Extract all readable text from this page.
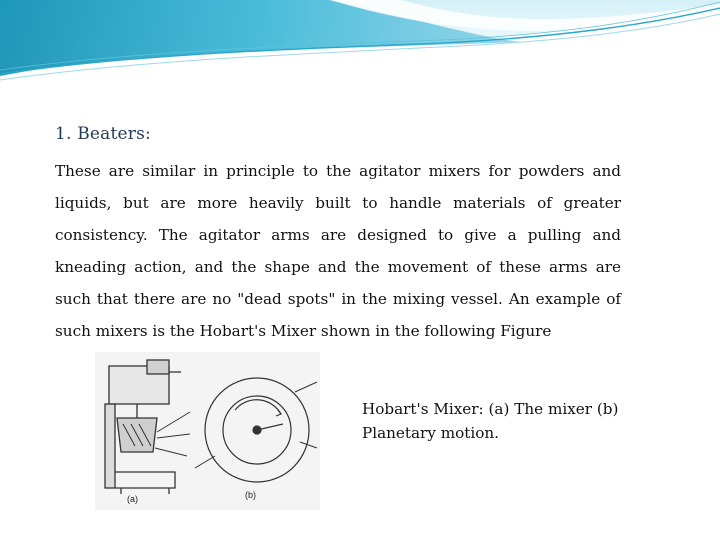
1. Beaters:

These are similar in principle to the agitator mixers for powders and liquids, but are more heavily built to handle materials of greater consistency. The agitator arms are designed to give a pulling and kneading action, and the shape and the movement of these arms are such that there are no "dead spots" in the mixing vessel. An example of such mixers is the Hobart's Mixer shown in the following Figure

(a)	(b)
Hobart's Mixer: (a) The mixer (b) Planetary motion.
